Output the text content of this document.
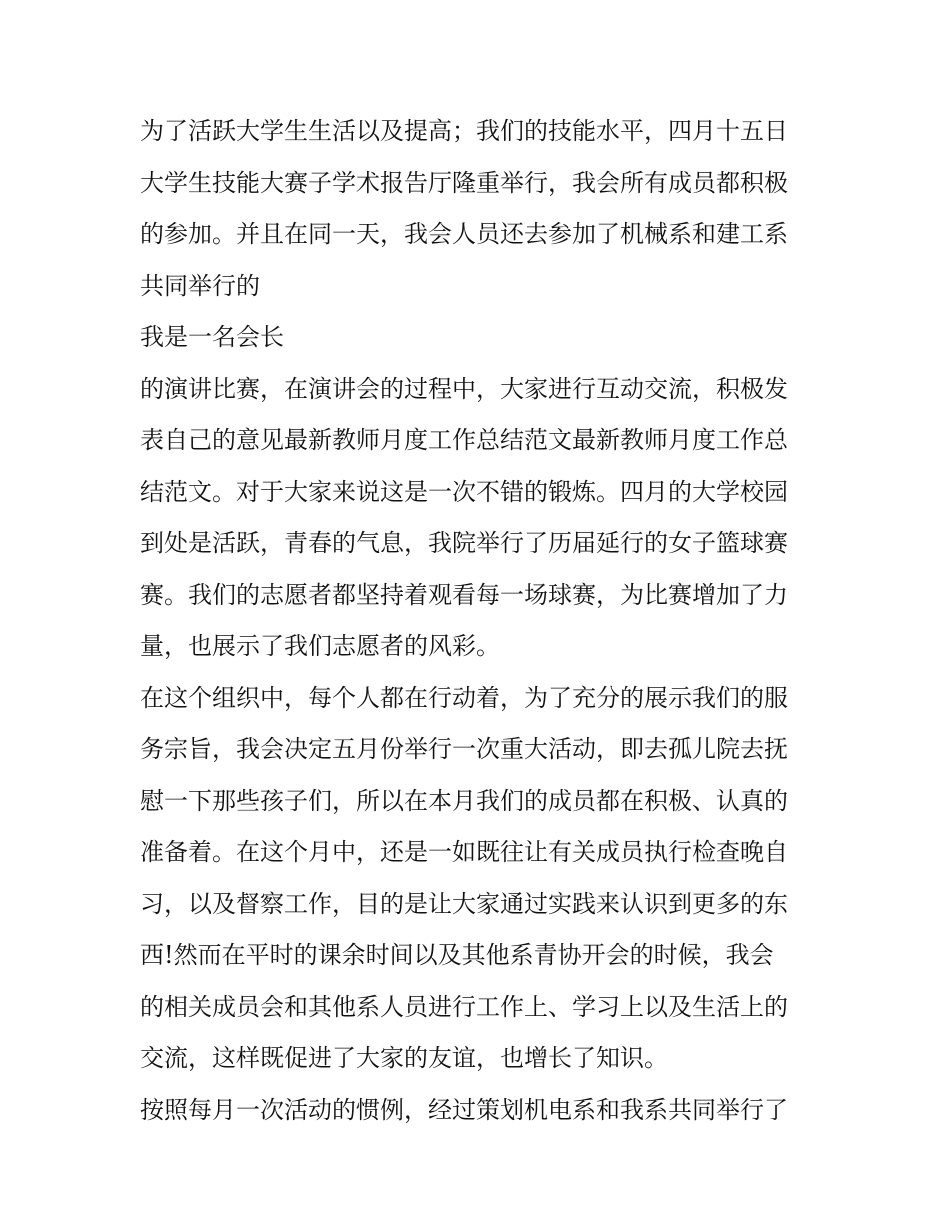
为了活跃大学生生活以及提高；我们的技能水平，四月十五日
大学生技能大赛子学术报告厅隆重举行，我会所有成员都积极
的参加。并且在同一天，我会人员还去参加了机械系和建工系
共同举行的
我是一名会长
的演讲比赛，在演讲会的过程中，大家进行互动交流，积极发
表自己的意见最新教师月度工作总结范文最新教师月度工作总
结范文。对于大家来说这是一次不错的锻炼。四月的大学校园
到处是活跃，青春的气息，我院举行了历届延行的女子篮球赛
赛。我们的志愿者都坚持着观看每一场球赛，为比赛增加了力
量，也展示了我们志愿者的风彩。
在这个组织中，每个人都在行动着，为了充分的展示我们的服
务宗旨，我会决定五月份举行一次重大活动，即去孤儿院去抚
慰一下那些孩子们，所以在本月我们的成员都在积极、认真的
准备着。在这个月中，还是一如既往让有关成员执行检查晚自
习，以及督察工作，目的是让大家通过实践来认识到更多的东
西!然而在平时的课余时间以及其他系青协开会的时候，我会
的相关成员会和其他系人员进行工作上、学习上以及生活上的
交流，这样既促进了大家的友谊，也增长了知识。
按照每月一次活动的惯例，经过策划机电系和我系共同举行了
